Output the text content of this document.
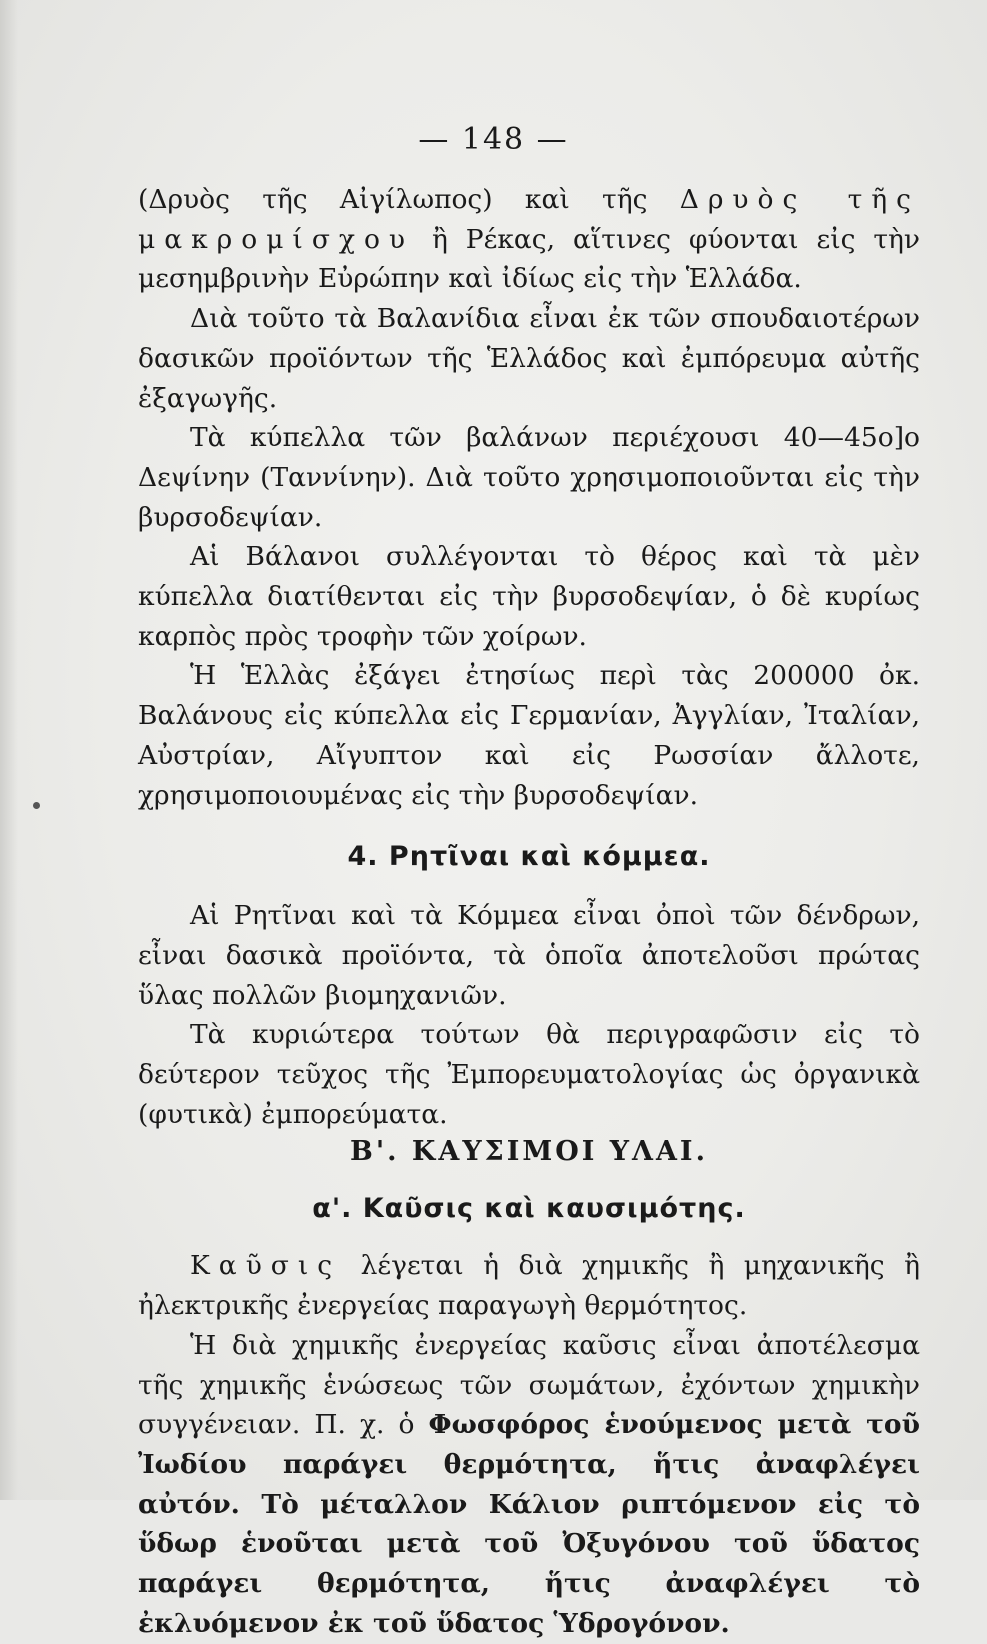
— 148 —

(Δρυὸς τῆς Αἰγίλωπος) καὶ τῆς Δρυὸς τῆς μακρομίσχου ἢ Ρέκας, αἵτινες φύονται εἰς τὴν μεσημβρινὴν Εὐρώπην καὶ ἰδίως εἰς τὴν Ἑλλάδα.

Διὰ τοῦτο τὰ Βαλανίδια εἶναι ἐκ τῶν σπουδαιοτέρων δασικῶν προϊόντων τῆς Ἑλλάδος καὶ ἐμπόρευμα αὐτῆς ἐξαγωγῆς.

Τὰ κύπελλα τῶν βαλάνων περιέχουσι 40—45ο]ο Δεψίνην (Ταννίνην). Διὰ τοῦτο χρησιμοποιοῦνται εἰς τὴν βυρσοδεψίαν.

Αἱ Βάλανοι συλλέγονται τὸ θέρος καὶ τὰ μὲν κύπελλα διατίθενται εἰς τὴν βυρσοδεψίαν, ὁ δὲ κυρίως καρπὸς πρὸς τροφὴν τῶν χοίρων.

Ἡ Ἑλλὰς ἐξάγει ἐτησίως περὶ τὰς 200000 ὀκ. Βαλάνους εἰς κύπελλα εἰς Γερμανίαν, Ἀγγλίαν, Ἰταλίαν, Αὐστρίαν, Αἴγυπτον καὶ εἰς Ρωσσίαν ἄλλοτε, χρησιμοποιουμένας εἰς τὴν βυρσοδεψίαν.

4. Ρητῖναι καὶ κόμμεα.

Αἱ Ρητῖναι καὶ τὰ Κόμμεα εἶναι ὀποὶ τῶν δένδρων, εἶναι δασικὰ προϊόντα, τὰ ὁποῖα ἀποτελοῦσι πρώτας ὕλας πολλῶν βιομηχανιῶν.

Τὰ κυριώτερα τούτων θὰ περιγραφῶσιν εἰς τὸ δεύτερον τεῦχος τῆς Ἐμπορευματολογίας ὡς ὀργανικὰ (φυτικὰ) ἐμπορεύματα.

Β'. ΚΑΥΣΙΜΟΙ ΥΛΑΙ.
α'. Καῦσις καὶ καυσιμότης.

Καῦσις λέγεται ἡ διὰ χημικῆς ἢ μηχανικῆς ἢ ἠλεκτρικῆς ἐνεργείας παραγωγὴ θερμότητος.

Ἡ διὰ χημικῆς ἐνεργείας καῦσις εἶναι ἀποτέλεσμα τῆς χημικῆς ἑνώσεως τῶν σωμάτων, ἐχόντων χημικὴν συγγένειαν. Π. χ. ὁ Φωσφόρος ἑνούμενος μετὰ τοῦ Ἰωδίου παράγει θερμότητα, ἥτις ἀναφλέγει αὐτόν. Τὸ μέταλλον Κάλιον ριπτόμενον εἰς τὸ ὕδωρ ἑνοῦται μετὰ τοῦ Ὀξυγόνου τοῦ ὕδατος παράγει θερμότητα, ἥτις ἀναφλέγει τὸ ἐκλυόμενον ἐκ τοῦ ὕδατος Ὑδρογόνον.
